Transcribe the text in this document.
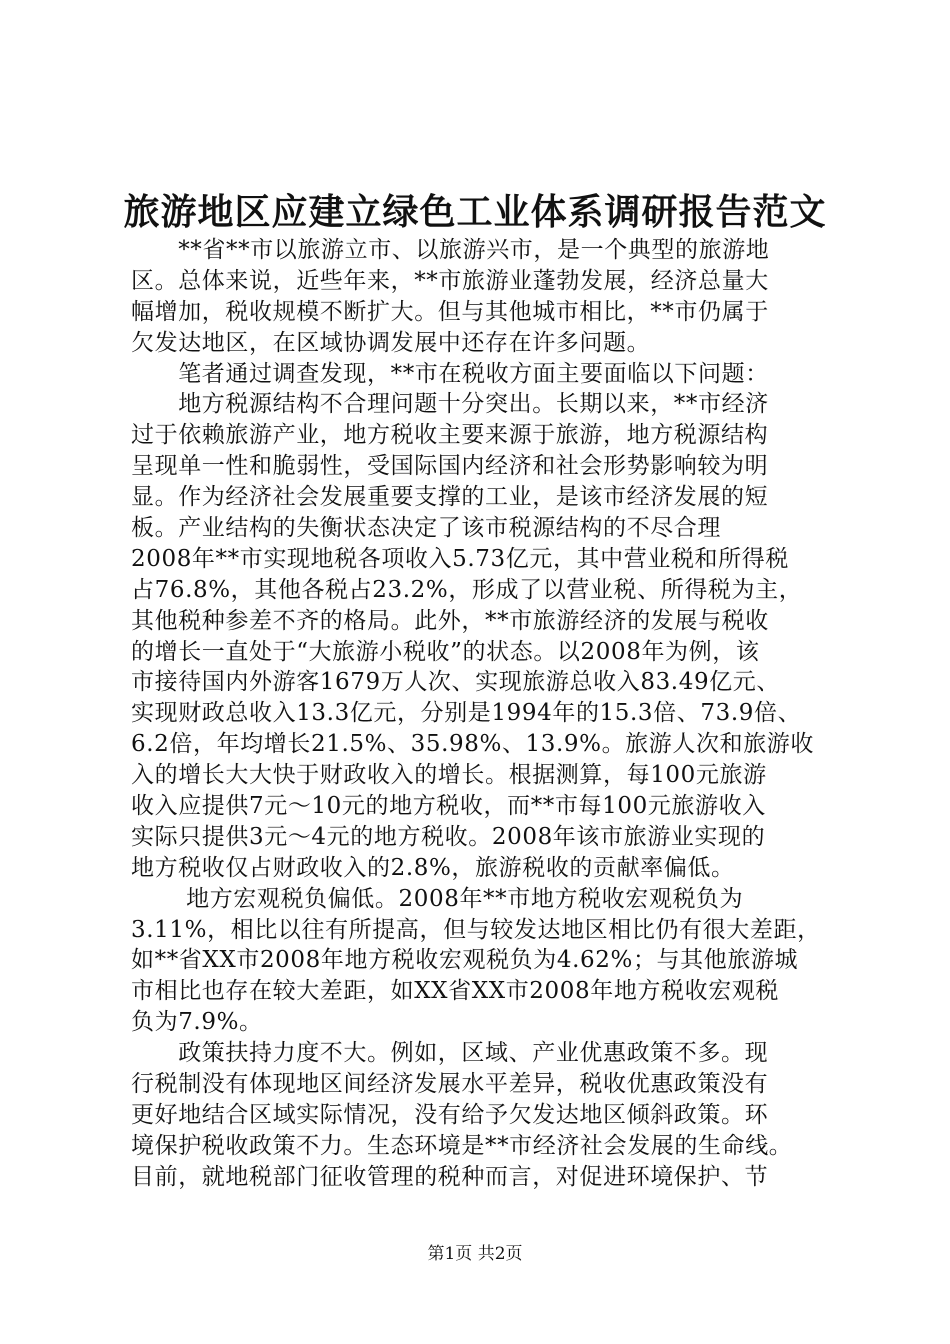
旅游地区应建立绿色工业体系调研报告范文
　　**省**市以旅游立市、以旅游兴市，是一个典型的旅游地
区。总体来说，近些年来，**市旅游业蓬勃发展，经济总量大
幅增加，税收规模不断扩大。但与其他城市相比，**市仍属于
欠发达地区，在区域协调发展中还存在许多问题。
　　笔者通过调查发现，**市在税收方面主要面临以下问题：
　　地方税源结构不合理问题十分突出。长期以来，**市经济
过于依赖旅游产业，地方税收主要来源于旅游，地方税源结构
呈现单一性和脆弱性，受国际国内经济和社会形势影响较为明
显。作为经济社会发展重要支撑的工业，是该市经济发展的短
板。产业结构的失衡状态决定了该市税源结构的不尽合理
2008年**市实现地税各项收入5.73亿元，其中营业税和所得税
占76.8%，其他各税占23.2%，形成了以营业税、所得税为主，
其他税种参差不齐的格局。此外，**市旅游经济的发展与税收
的增长一直处于“大旅游小税收”的状态。以2008年为例，该
市接待国内外游客1679万人次、实现旅游总收入83.49亿元、
实现财政总收入13.3亿元，分别是1994年的15.3倍、73.9倍、
6.2倍，年均增长21.5%、35.98%、13.9%。旅游人次和旅游收
入的增长大大快于财政收入的增长。根据测算，每100元旅游
收入应提供7元～10元的地方税收，而**市每100元旅游收入
实际只提供3元～4元的地方税收。2008年该市旅游业实现的
地方税收仅占财政收入的2.8%，旅游税收的贡献率偏低。
　　 地方宏观税负偏低。2008年**市地方税收宏观税负为
3.11%，相比以往有所提高，但与较发达地区相比仍有很大差距，
如**省XX市2008年地方税收宏观税负为4.62%；与其他旅游城
市相比也存在较大差距，如XX省XX市2008年地方税收宏观税
负为7.9%。
　　政策扶持力度不大。例如，区域、产业优惠政策不多。现
行税制没有体现地区间经济发展水平差异，税收优惠政策没有
更好地结合区域实际情况，没有给予欠发达地区倾斜政策。环
境保护税收政策不力。生态环境是**市经济社会发展的生命线。
目前，就地税部门征收管理的税种而言，对促进环境保护、节
第1页 共2页
